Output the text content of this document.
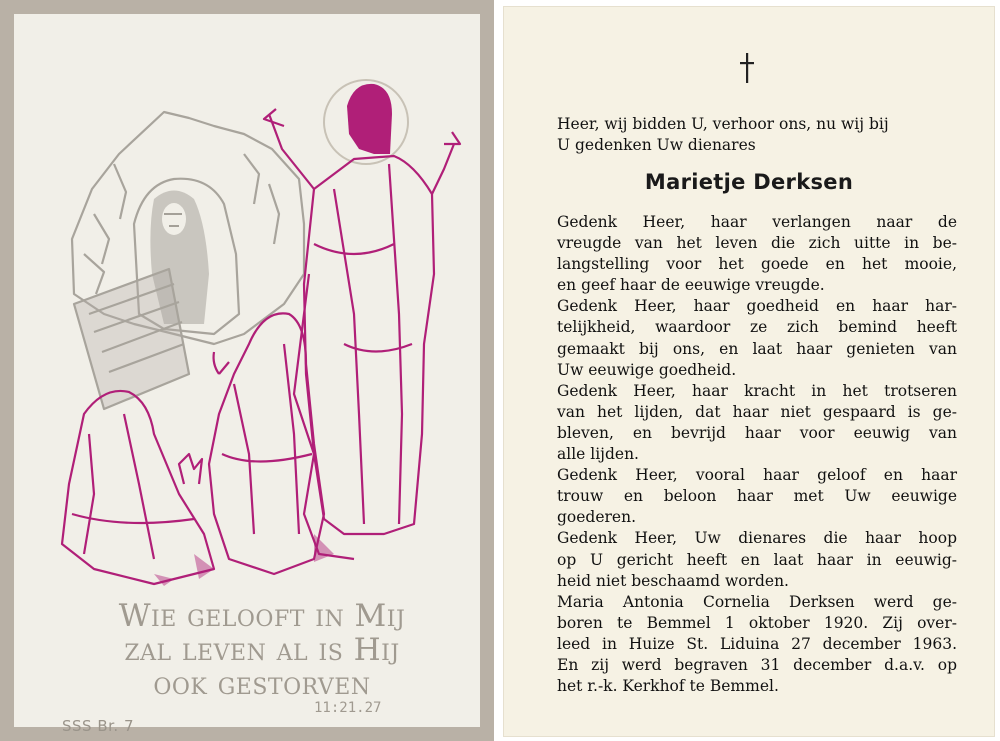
Wie gelooft in Mij
zal leven al is Hij
ook gestorven
11:21.27
SSS Br. 7
Heer, wij bidden U, verhoor ons, nu wij bij
U gedenken Uw dienares
Marietje Derksen
Gedenk Heer, haar verlangen naar de
vreugde van het leven die zich uitte in be-
langstelling voor het goede en het mooie,
en geef haar de eeuwige vreugde.
Gedenk Heer, haar goedheid en haar har-
telijkheid, waardoor ze zich bemind heeft
gemaakt bij ons, en laat haar genieten van
Uw eeuwige goedheid.
Gedenk Heer, haar kracht in het trotseren
van het lijden, dat haar niet gespaard is ge-
bleven, en bevrijd haar voor eeuwig van
alle lijden.
Gedenk Heer, vooral haar geloof en haar
trouw en beloon haar met Uw eeuwige
goederen.
Gedenk Heer, Uw dienares die haar hoop
op U gericht heeft en laat haar in eeuwig-
heid niet beschaamd worden.
Maria Antonia Cornelia Derksen werd ge-
boren te Bemmel 1 oktober 1920. Zij over-
leed in Huize St. Liduina 27 december 1963.
En zij werd begraven 31 december d.a.v. op
het r.-k. Kerkhof te Bemmel.
